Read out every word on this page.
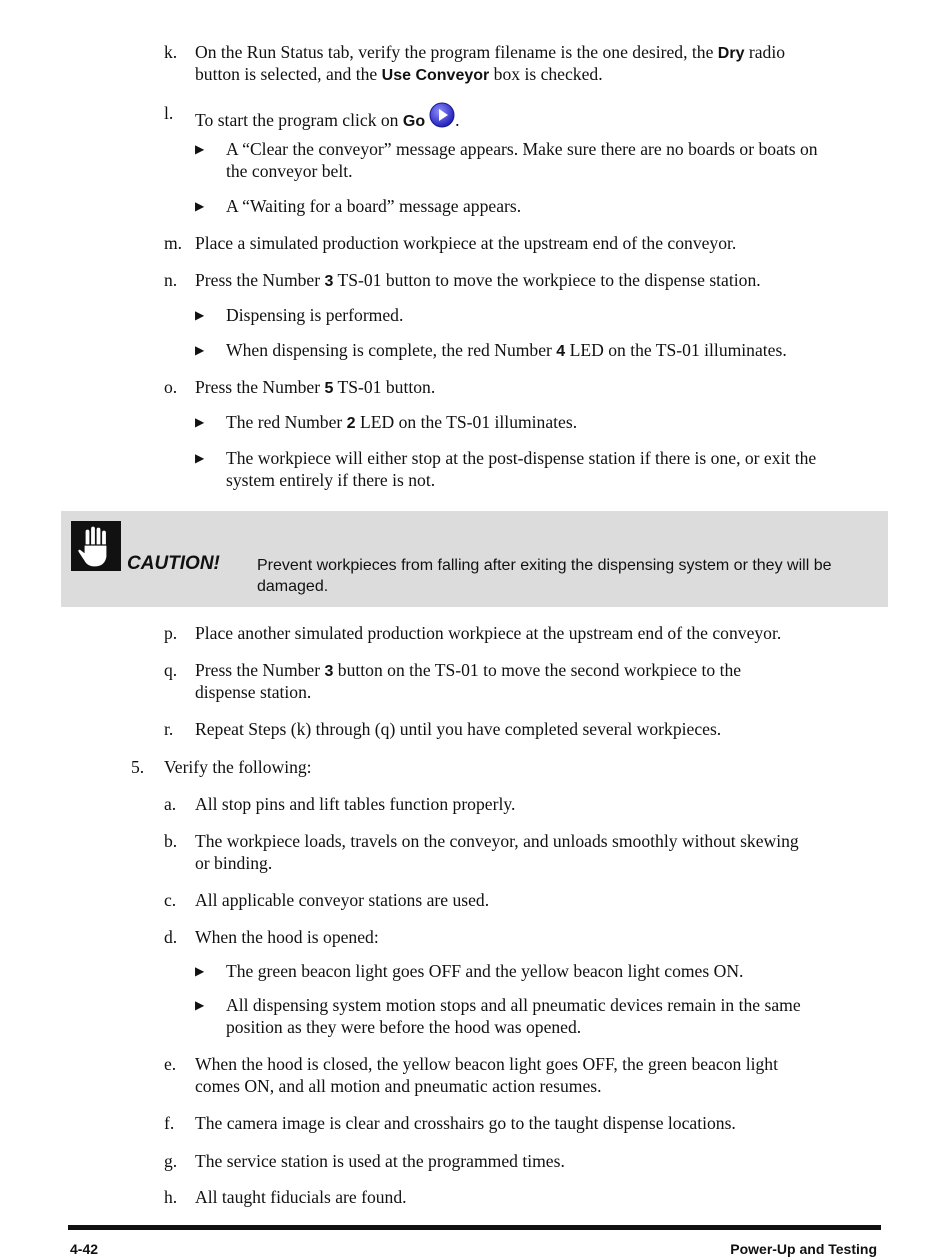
k. On the Run Status tab, verify the program filename is the one desired, the Dry radio
button is selected, and the Use Conveyor box is checked.
l. To start the program click on Go .
▶ A “Clear the conveyor” message appears. Make sure there are no boards or boats on
the conveyor belt.
▶ A “Waiting for a board” message appears.
m. Place a simulated production workpiece at the upstream end of the conveyor.
n. Press the Number 3 TS-01 button to move the workpiece to the dispense station.
▶ Dispensing is performed.
▶ When dispensing is complete, the red Number 4 LED on the TS-01 illuminates.
o. Press the Number 5 TS-01 button.
▶ The red Number 2 LED on the TS-01 illuminates.
▶ The workpiece will either stop at the post-dispense station if there is one, or exit the
system entirely if there is not.
CAUTION! Prevent workpieces from falling after exiting the dispensing system or they will be
damaged.
p. Place another simulated production workpiece at the upstream end of the conveyor.
q. Press the Number 3 button on the TS-01 to move the second workpiece to the
dispense station.
r. Repeat Steps (k) through (q) until you have completed several workpieces.
5. Verify the following:
a. All stop pins and lift tables function properly.
b. The workpiece loads, travels on the conveyor, and unloads smoothly without skewing
or binding.
c. All applicable conveyor stations are used.
d. When the hood is opened:
▶ The green beacon light goes OFF and the yellow beacon light comes ON.
▶ All dispensing system motion stops and all pneumatic devices remain in the same
position as they were before the hood was opened.
e. When the hood is closed, the yellow beacon light goes OFF, the green beacon light
comes ON, and all motion and pneumatic action resumes.
f. The camera image is clear and crosshairs go to the taught dispense locations.
g. The service station is used at the programmed times.
h. All taught fiducials are found.
4-42	Power-Up and Testing
